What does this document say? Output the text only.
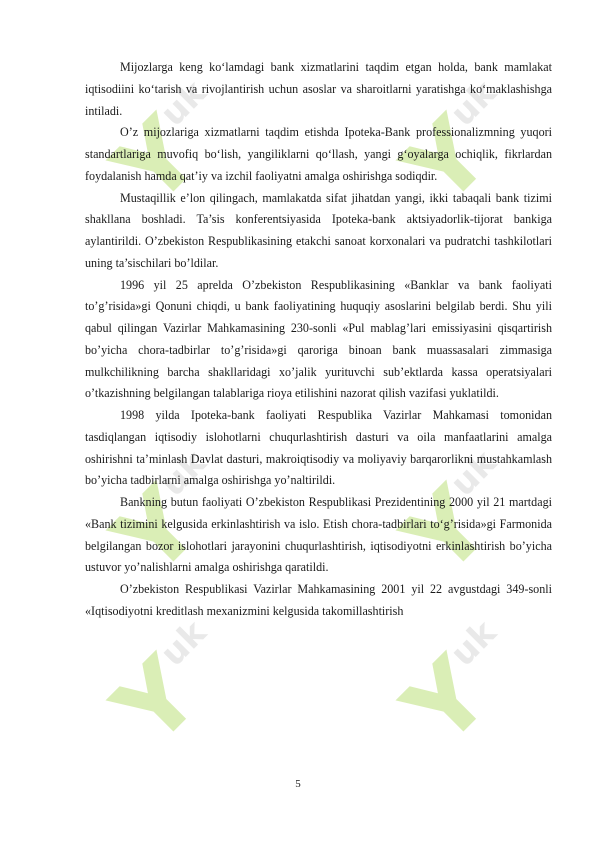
uk	uk
uk	uk
uk	uk

Mijozlarga keng ko‘lamdagi bank xizmatlarini taqdim etgan holda, bank mamlakat iqtisodiini ko‘tarish va rivojlantirish uchun asoslar va sharoitlarni yaratishga ko‘maklashishga intiladi.

O’z mijozlariga xizmatlarni taqdim etishda Ipoteka-Bank professionalizmning yuqori standartlariga muvofiq bo‘lish, yangiliklarni qo‘llash, yangi g‘oyalarga ochiqlik, fikrlardan foydalanish hamda qat’iy va izchil faoliyatni amalga oshirishga sodiqdir.

Mustaqillik e’lon qilingach, mamlakatda sifat jihatdan yangi, ikki tabaqali bank tizimi shakllana boshladi. Ta’sis konferentsiyasida Ipoteka-bank aktsiyadorlik-tijorat bankiga aylantirildi. O’zbekiston Respublikasining etakchi sanoat korxonalari va pudratchi tashkilotlari uning ta’sischilari bo’ldilar.

1996 yil 25 aprelda O’zbekiston Respublikasining «Banklar va bank faoliyati to’g’risida»gi Qonuni chiqdi, u bank faoliyatining huquqiy asoslarini belgilab berdi. Shu yili qabul qilingan Vazirlar Mahkamasining 230-sonli «Pul mablag’lari emissiyasini qisqartirish bo’yicha chora-tadbirlar to’g’risida»gi qaroriga binoan bank muassasalari zimmasiga mulkchilikning barcha shakllaridagi xo’jalik yurituvchi sub’ektlarda kassa operatsiyalari o’tkazishning belgilangan talablariga rioya etilishini nazorat qilish vazifasi yuklatildi.

1998 yilda Ipoteka-bank faoliyati Respublika Vazirlar Mahkamasi tomonidan tasdiqlangan iqtisodiy islohotlarni chuqurlashtirish dasturi va oila manfaatlarini amalga oshirishni ta’minlash Davlat dasturi, makroiqtisodiy va moliyaviy barqarorlikni mustahkamlash bo’yicha tadbirlarni amalga oshirishga yo’naltirildi.

Bankning butun faoliyati O’zbekiston Respublikasi Prezidentining 2000 yil 21 martdagi «Bank tizimini kelgusida erkinlashtirish va islo. Etish chora-tadbirlari to‘g’risida»gi Farmonida belgilangan bozor islohotlari jarayonini chuqurlashtirish, iqtisodiyotni erkinlashtirish bo’yicha ustuvor yo’nalishlarni amalga oshirishga qaratildi.

O’zbekiston Respublikasi Vazirlar Mahkamasining 2001 yil 22 avgustdagi 349-sonli «Iqtisodiyotni kreditlash mexanizmini kelgusida takomillashtirish

5
